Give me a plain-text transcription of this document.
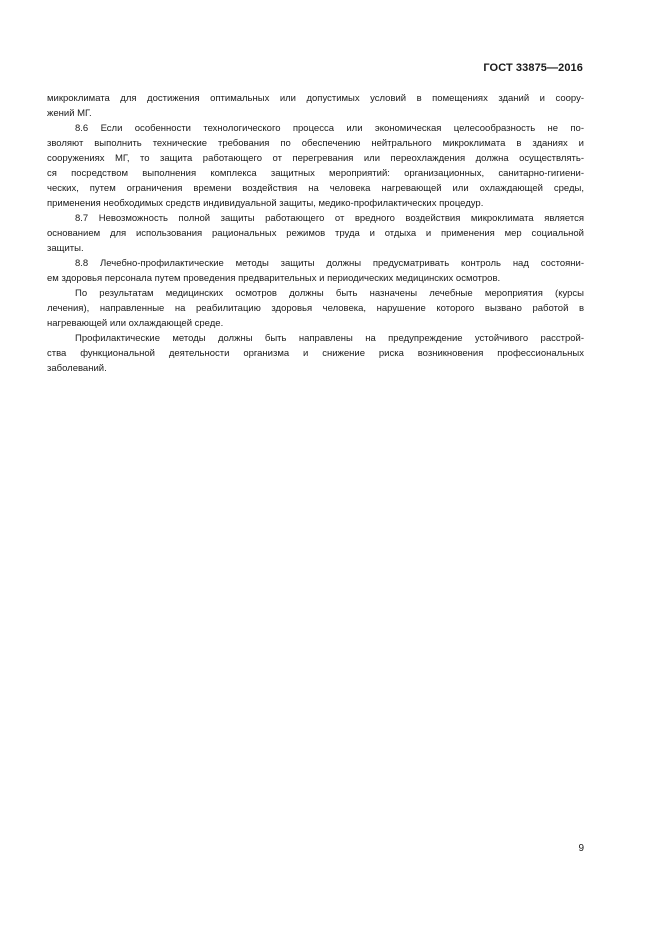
ГОСТ 33875—2016
микроклимата для достижения оптимальных или допустимых условий в помещениях зданий и соору-
жений МГ.
8.6 Если особенности технологического процесса или экономическая целесообразность не по-
зволяют выполнить технические требования по обеспечению нейтрального микроклимата в зданиях и
сооружениях МГ, то защита работающего от перегревания или переохлаждения должна осуществлять-
ся посредством выполнения комплекса защитных мероприятий: организационных, санитарно-гигиени-
ческих, путем ограничения времени воздействия на человека нагревающей или охлаждающей среды,
применения необходимых средств индивидуальной защиты, медико-профилактических процедур.
8.7 Невозможность полной защиты работающего от вредного воздействия микроклимата является
основанием для использования рациональных режимов труда и отдыха и применения мер социальной
защиты.
8.8 Лечебно-профилактические методы защиты должны предусматривать контроль над состояни-
ем здоровья персонала путем проведения предварительных и периодических медицинских осмотров.
По результатам медицинских осмотров должны быть назначены лечебные мероприятия (курсы
лечения), направленные на реабилитацию здоровья человека, нарушение которого вызвано работой в
нагревающей или охлаждающей среде.
Профилактические методы должны быть направлены на предупреждение устойчивого расстрой-
ства функциональной деятельности организма и снижение риска возникновения профессиональных
заболеваний.
9
